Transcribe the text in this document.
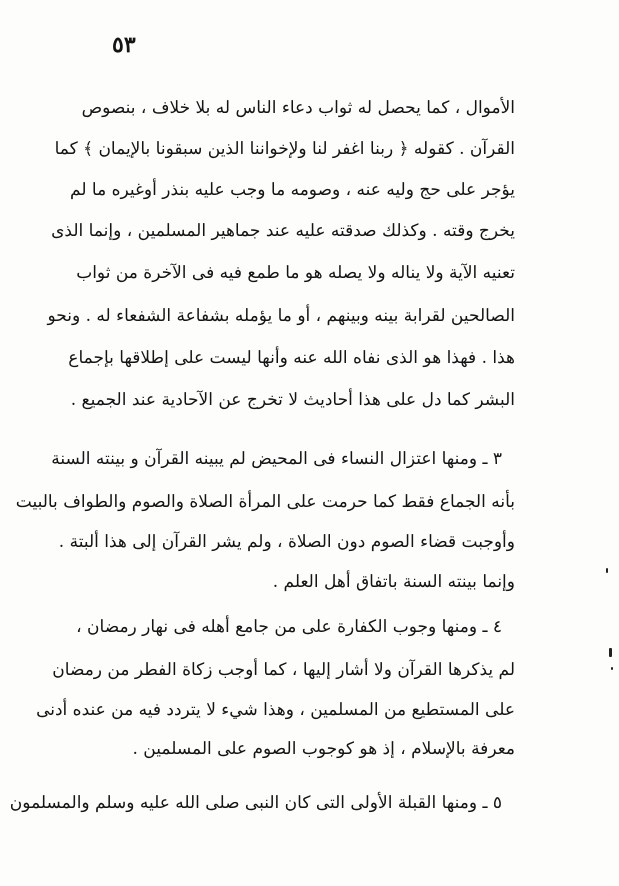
٥٣
الأموال ، كما يحصل له ثواب دعاء الناس له بلا خلاف ، بنصوص
القرآن . كقوله ﴿ ربنا اغفر لنا ولإخواننا الذين سبقونا بالإيمان ﴾ كما
يؤجر على حج وليه عنه ، وصومه ما وجب عليه بنذر أوغيره ما لم
يخرج وقته . وكذلك صدقته عليه عند جماهير المسلمين ، وإنما الذى
تعنيه الآية ولا يناله ولا يصله هو ما طمع فيه فى الآخرة من ثواب
الصالحين لقرابة بينه وبينهم ، أو ما يؤمله بشفاعة الشفعاء له . ونحو
هذا . فهذا هو الذى نفاه الله عنه وأنها ليست على إطلاقها بإجماع
البشر كما دل على هذا أحاديث لا تخرج عن الآحادية عند الجميع .
٣ ـ ومنها اعتزال النساء فى المحيض لم يبينه القرآن و بينته السنة
بأنه الجماع فقط كما حرمت على المرأة الصلاة والصوم والطواف بالبيت
وأوجبت قضاء الصوم دون الصلاة ، ولم يشر القرآن إلى هذا ألبتة .
وإنما بينته السنة باتفاق أهل العلم .
٤ ـ ومنها وجوب الكفارة على من جامع أهله فى نهار رمضان ،
لم يذكرها القرآن ولا أشار إليها ، كما أوجب زكاة الفطر من رمضان
على المستطيع من المسلمين ، وهذا شيء لا يتردد فيه من عنده أدنى
معرفة بالإسلام ، إذ هو كوجوب الصوم على المسلمين .
٥ ـ ومنها القبلة الأولى التى كان النبى صلى الله عليه وسلم والمسلمون
